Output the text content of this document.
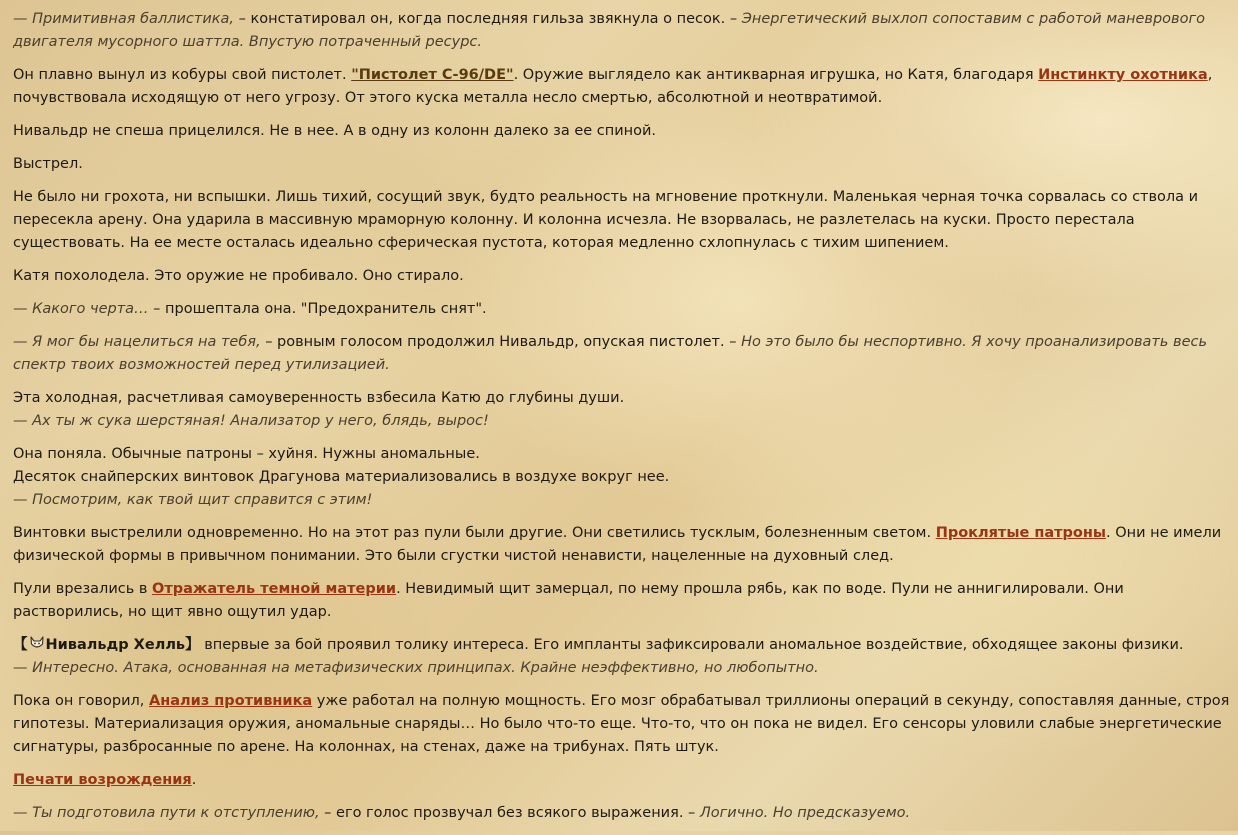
— Примитивная баллистика, – констатировал он, когда последняя гильза звякнула о песок. – Энергетический выхлоп сопоставим с работой маневрового двигателя мусорного шаттла. Впустую потраченный ресурс.

Он плавно вынул из кобуры свой пистолет. "Пистолет С-96/DE". Оружие выглядело как антикварная игрушка, но Катя, благодаря Инстинкту охотника, почувствовала исходящую от него угрозу. От этого куска металла несло смертью, абсолютной и неотвратимой.

Нивальдр не спеша прицелился. Не в нее. А в одну из колонн далеко за ее спиной.

Выстрел.

Не было ни грохота, ни вспышки. Лишь тихий, сосущий звук, будто реальность на мгновение проткнули. Маленькая черная точка сорвалась со ствола и пересекла арену. Она ударила в массивную мраморную колонну. И колонна исчезла. Не взорвалась, не разлетелась на куски. Просто перестала существовать. На ее месте осталась идеально сферическая пустота, которая медленно схлопнулась с тихим шипением.

Катя похолодела. Это оружие не пробивало. Оно стирало.

— Какого черта… – прошептала она. "Предохранитель снят".

— Я мог бы нацелиться на тебя, – ровным голосом продолжил Нивальдр, опуская пистолет. – Но это было бы неспортивно. Я хочу проанализировать весь спектр твоих возможностей перед утилизацией.

Эта холодная, расчетливая самоуверенность взбесила Катю до глубины души.
— Ах ты ж сука шерстяная! Анализатор у него, блядь, вырос!

Она поняла. Обычные патроны – хуйня. Нужны аномальные.
Десяток снайперских винтовок Драгунова материализовались в воздухе вокруг нее.
— Посмотрим, как твой щит справится с этим!

Винтовки выстрелили одновременно. Но на этот раз пули были другие. Они светились тусклым, болезненным светом. Проклятые патроны. Они не имели физической формы в привычном понимании. Это были сгустки чистой ненависти, нацеленные на духовный след.

Пули врезались в Отражатель темной материи. Невидимый щит замерцал, по нему прошла рябь, как по воде. Пули не аннигилировали. Они растворились, но щит явно ощутил удар.

【 Нивальдр Хелль】 впервые за бой проявил толику интереса. Его импланты зафиксировали аномальное воздействие, обходящее законы физики.
— Интересно. Атака, основанная на метафизических принципах. Крайне неэффективно, но любопытно.

Пока он говорил, Анализ противника уже работал на полную мощность. Его мозг обрабатывал триллионы операций в секунду, сопоставляя данные, строя гипотезы. Материализация оружия, аномальные снаряды… Но было что-то еще. Что-то, что он пока не видел. Его сенсоры уловили слабые энергетические сигнатуры, разбросанные по арене. На колоннах, на стенах, даже на трибунах. Пять штук.

Печати возрождения.

— Ты подготовила пути к отступлению, – его голос прозвучал без всякого выражения. – Логично. Но предсказуемо.
